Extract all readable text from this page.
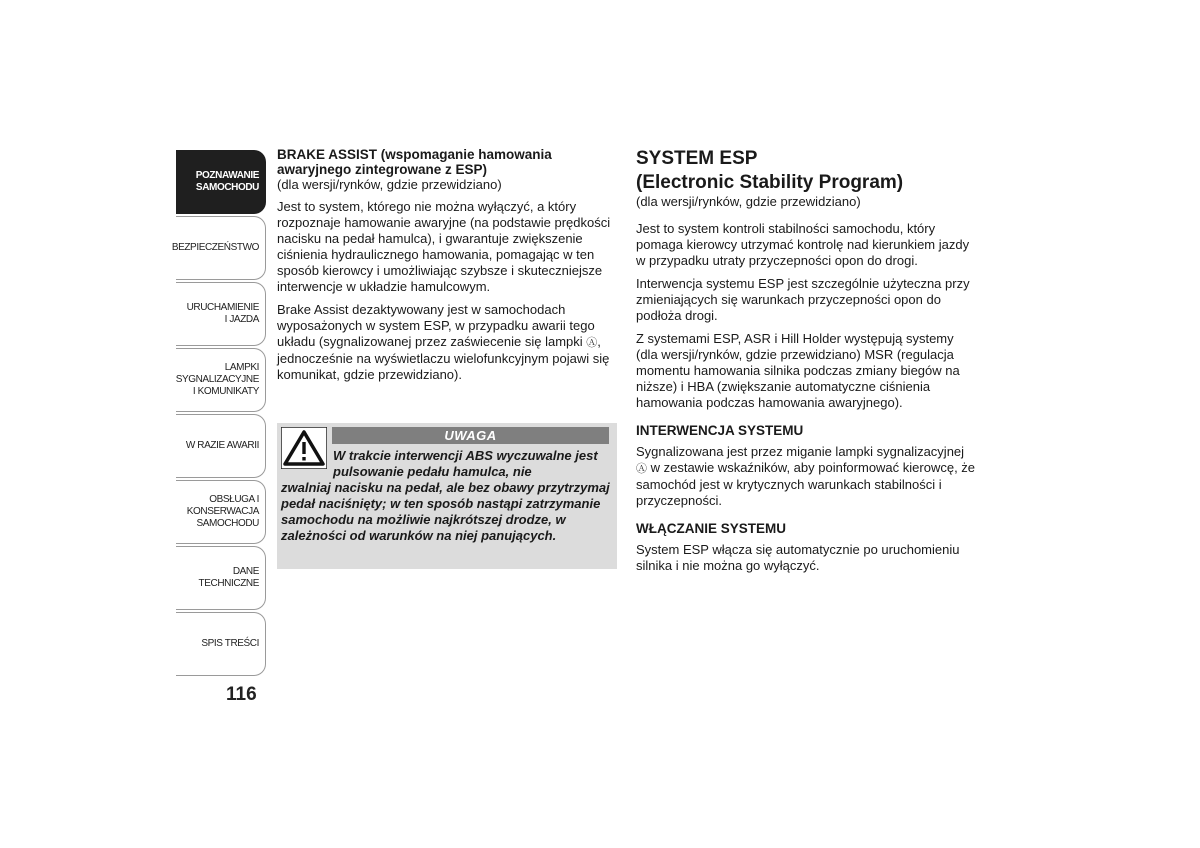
POZNAWANIE
SAMOCHODU
BEZPIECZEŃSTWO
URUCHAMIENIE
I JAZDA
LAMPKI
SYGNALIZACYJNE
I KOMUNIKATY
W RAZIE AWARII
OBSŁUGA I
KONSERWACJA
SAMOCHODU
DANE TECHNICZNE
SPIS TREŚCI
116

BRAKE ASSIST (wspomaganie hamowania awaryjnego zintegrowane z ESP)

(dla wersji/rynków, gdzie przewidziano)

Jest to system, którego nie można wyłączyć, a który rozpoznaje hamowanie awaryjne (na podstawie prędkości nacisku na pedał hamulca), i gwarantuje zwiększenie ciśnienia hydraulicznego hamowania, pomagając w ten sposób kierowcy i umożliwiając szybsze i skuteczniejsze interwencje w układzie hamulcowym.

Brake Assist dezaktywowany jest w samochodach wyposażonych w system ESP, w przypadku awarii tego układu (sygnalizowanej przez zaświecenie się lampki Ⓐ, jednocześnie na wyświetlaczu wielofunkcyjnym pojawi się komunikat, gdzie przewidziano).

UWAGA
W trakcie interwencji ABS wyczuwalne jest pulsowanie pedału hamulca, nie
zwalniaj nacisku na pedał, ale bez obawy przytrzymaj pedał naciśnięty; w ten sposób nastąpi zatrzymanie samochodu na możliwie najkrótszej drodze, w zależności od warunków na niej panujących.

SYSTEM ESP

(Electronic Stability Program)

(dla wersji/rynków, gdzie przewidziano)

Jest to system kontroli stabilności samochodu, który pomaga kierowcy utrzymać kontrolę nad kierunkiem jazdy w przypadku utraty przyczepności opon do drogi.

Interwencja systemu ESP jest szczególnie użyteczna przy zmieniających się warunkach przyczepności opon do podłoża drogi.

Z systemami ESP, ASR i Hill Holder występują systemy (dla wersji/rynków, gdzie przewidziano) MSR (regulacja momentu hamowania silnika podczas zmiany biegów na niższe) i HBA (zwiększanie automatyczne ciśnienia hamowania podczas hamowania awaryjnego).

INTERWENCJA SYSTEMU

Sygnalizowana jest przez miganie lampki sygnalizacyjnej Ⓐ w zestawie wskaźników, aby poinformować kierowcę, że samochód jest w krytycznych warunkach stabilności i przyczepności.

WŁĄCZANIE SYSTEMU

System ESP włącza się automatycznie po uruchomieniu silnika i nie można go wyłączyć.
